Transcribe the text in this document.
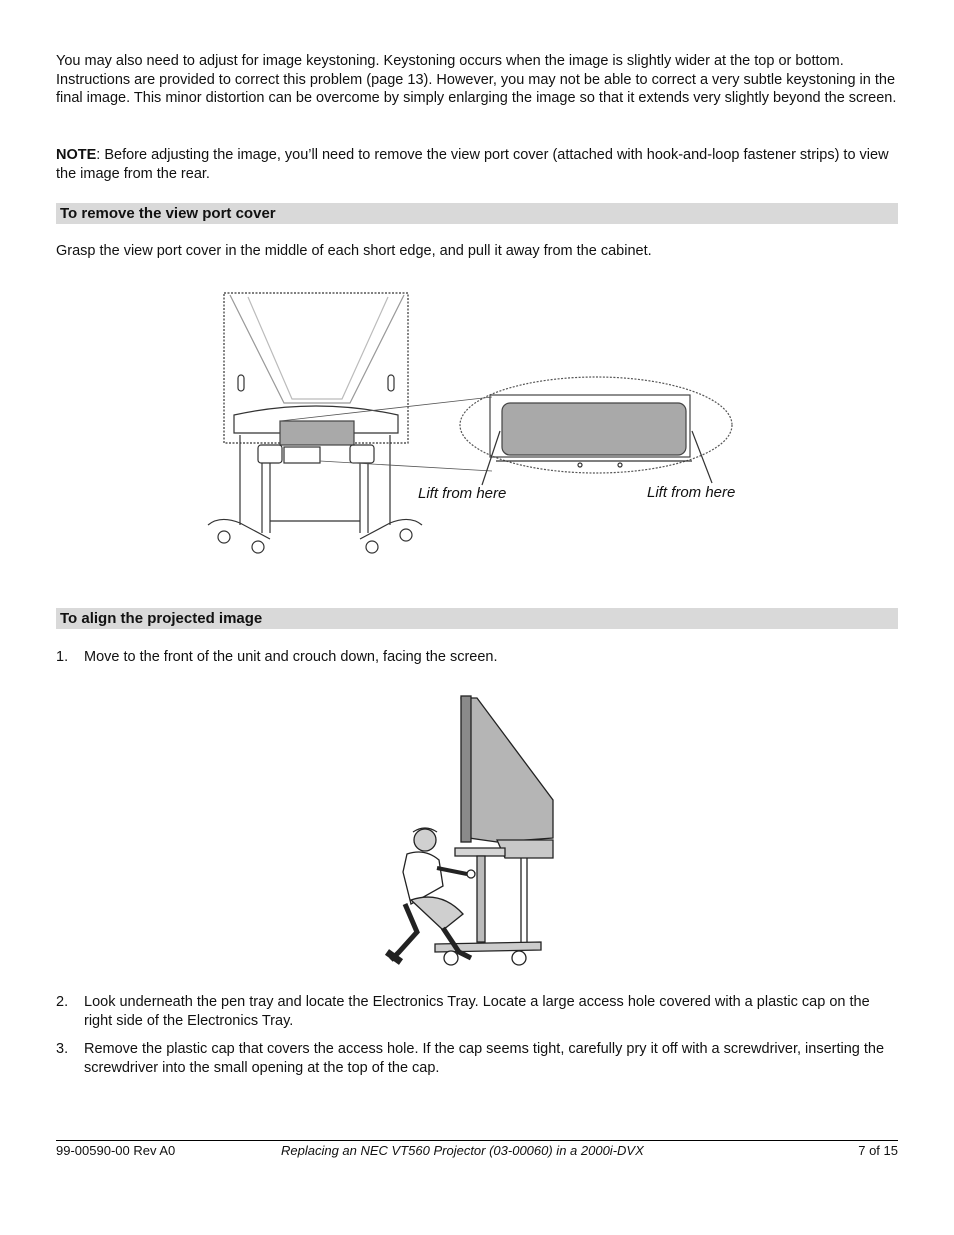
You may also need to adjust for image keystoning. Keystoning occurs when the image is slightly wider at the top or bottom. Instructions are provided to correct this problem (page 13). However, you may not be able to correct a very subtle keystoning in the final image. This minor distortion can be overcome by simply enlarging the image so that it extends very slightly beyond the screen.

NOTE: Before adjusting the image, you’ll need to remove the view port cover (attached with hook-and-loop fastener strips) to view the image from the rear.

To remove the view port cover

Grasp the view port cover in the middle of each short edge, and pull it away from the cabinet.

Lift from here	Lift from here
To align the projected image
1. Move to the front of the unit and crouch down, facing the screen.
2. Look underneath the pen tray and locate the Electronics Tray. Locate a large access hole covered with a plastic cap on the right side of the Electronics Tray.
3. Remove the plastic cap that covers the access hole. If the cap seems tight, carefully pry it off with a screwdriver, inserting the screwdriver into the small opening at the top of the cap.
99-00590-00 Rev A0	Replacing an NEC VT560 Projector (03-00060) in a 2000i-DVX	7 of 15
